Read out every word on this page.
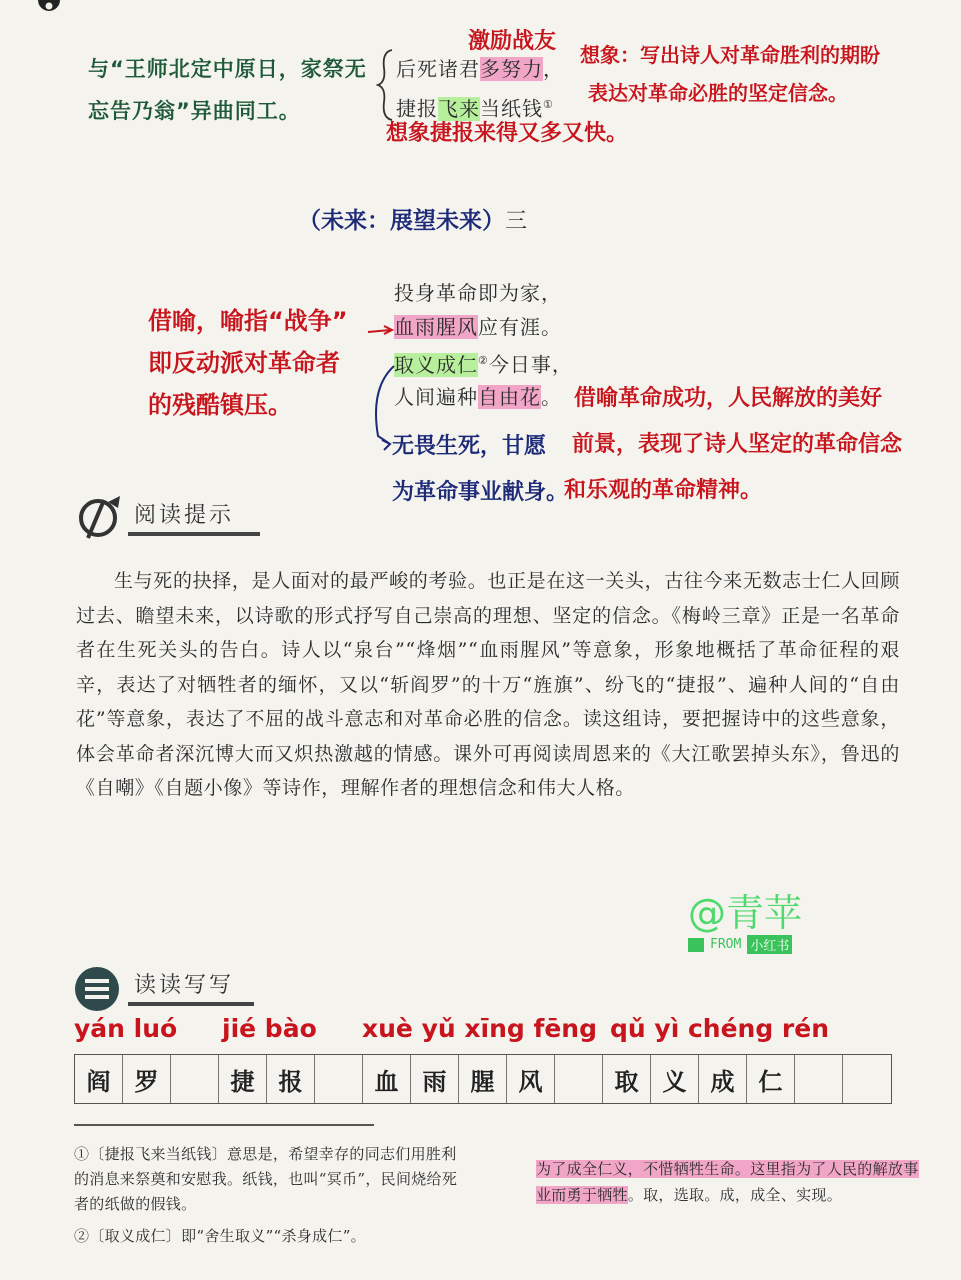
与“王师北定中原日，家祭无忘告乃翁”异曲同工。
激励战友
后死诸君多努力，
捷报飞来当纸钱①
想象：写出诗人对革命胜利的期盼
表达对革命必胜的坚定信念。
想象捷报来得又多又快。
（未来：展望未来）三
投身革命即为家，
血雨腥风应有涯。
取义成仁②今日事，
人间遍种自由花。
借喻，喻指“战争”
即反动派对革命者
的残酷镇压。	借喻革命成功，人民解放的美好
前景，表现了诗人坚定的革命信念
和乐观的革命精神。
无畏生死，甘愿
为革命事业献身。
阅读提示
生与死的抉择，是人面对的最严峻的考验。也正是在这一关头，古往今来无数志士仁人回顾过去、瞻望未来，以诗歌的形式抒写自己崇高的理想、坚定的信念。《梅岭三章》正是一名革命者在生死关头的告白。诗人以“泉台”“烽烟”“血雨腥风”等意象，形象地概括了革命征程的艰辛，表达了对牺牲者的缅怀，又以“斩阎罗”的十万“旌旗”、纷飞的“捷报”、遍种人间的“自由花”等意象，表达了不屈的战斗意志和对革命必胜的信念。读这组诗，要把握诗中的这些意象，体会革命者深沉博大而又炽热激越的情感。课外可再阅读周恩来的《大江歌罢掉头东》，鲁迅的《自嘲》《自题小像》等诗作，理解作者的理想信念和伟大人格。
@青苹
FROM 小红书
读读写写
yán luó jié bào xuè yǔ xīng fēng qǔ yì chéng rén
阎	罗	捷	报	血	雨	腥	风	取	义	成	仁
①〔捷报飞来当纸钱〕意思是，希望幸存的同志们用胜利的消息来祭奠和安慰我。纸钱，也叫“冥币”，民间烧给死者的纸做的假钱。
②〔取义成仁〕即“舍生取义”“杀身成仁”。
为了成全仁义，不惜牺牲生命。这里指为了人民的解放事业而勇于牺牲。取，选取。成，成全、实现。
